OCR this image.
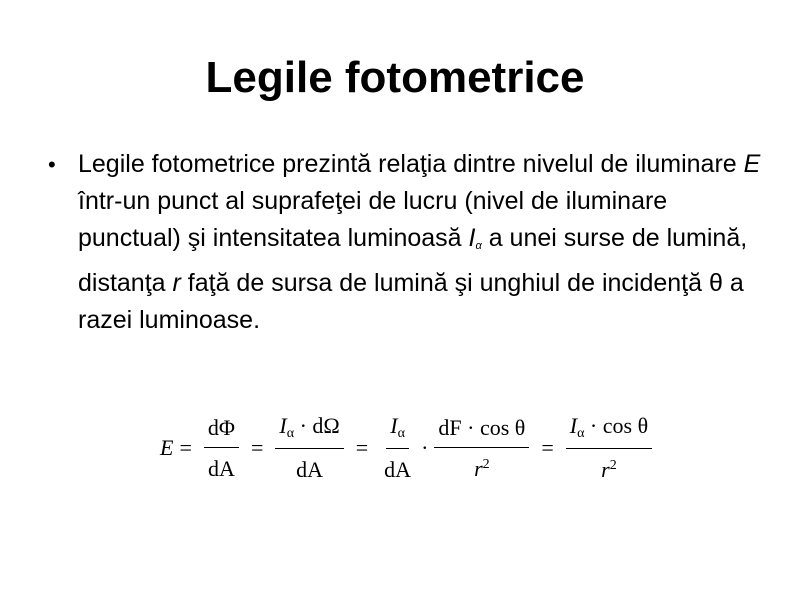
Legile fotometrice
• Legile fotometrice prezintă relaţia dintre nivelul de iluminare E într-un punct al suprafeţei de lucru (nivel de iluminare punctual) şi intensitatea luminoasă Iα a unei surse de lumină, distanţa r faţă de sursa de lumină şi unghiul de incidenţă θ a razei luminoase.
$E = \frac{d\Phi}{dA} = \frac{I\alpha \cdot d\Omega}{dA} = \frac{I\alpha}{dA} \cdot \frac{\text{dF · cos θ}}{r^2} = \frac{\text{Iα · cos θ}}{r^2}$
